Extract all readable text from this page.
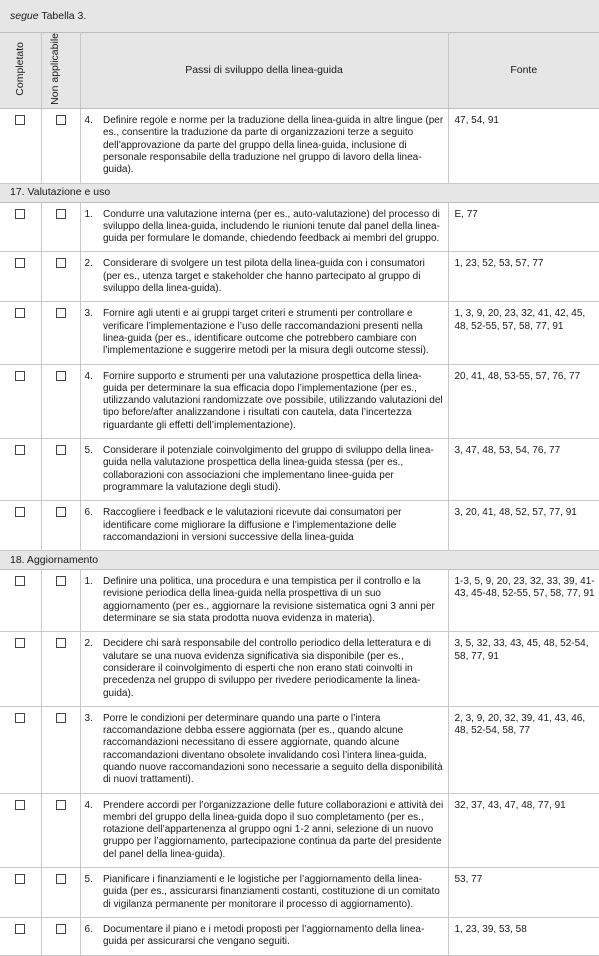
segue Tabella 3.				
Completato	Non applicabile	Passi di sviluppo della linea-guida		Fonte
		4.	Definire regole e norme per la traduzione della linea-guida in altre lingue (per es., consentire la traduzione da parte di organizzazioni terze a seguito dell’approvazione da parte del gruppo della linea-guida, inclusione di personale responsabile della traduzione nel gruppo di lavoro della linea-guida).	47, 54, 91
17. Valutazione e uso				
		1.	Condurre una valutazione interna (per es., auto-valutazione) del processo di sviluppo della linea-guida, includendo le riunioni tenute dal panel della linea-guida per formulare le domande, chiedendo feedback ai membri del gruppo.	E, 77
		2.	Considerare di svolgere un test pilota della linea-guida con i consumatori (per es., utenza target e stakeholder che hanno partecipato al gruppo di sviluppo della linea-guida).	1, 23, 52, 53, 57, 77
		3.	Fornire agli utenti e ai gruppi target criteri e strumenti per controllare e verificare l’implementazione e l’uso delle raccomandazioni presenti nella linea-guida (per es., identificare outcome che potrebbero cambiare con l’implementazione e suggerire metodi per la misura degli outcome stessi).	1, 3, 9, 20, 23, 32, 41, 42, 45, 48, 52-55, 57, 58, 77, 91
		4.	Fornire supporto e strumenti per una valutazione prospettica della linea-guida per determinare la sua efficacia dopo l’implementazione (per es., utilizzando valutazioni randomizzate ove possibile, utilizzando valutazioni del tipo before/after analizzandone i risultati con cautela, data l’incertezza riguardante gli effetti dell’implementazione).	20, 41, 48, 53-55, 57, 76, 77
		5.	Considerare il potenziale coinvolgimento del gruppo di sviluppo della linea-guida nella valutazione prospettica della linea-guida stessa (per es., collaborazioni con associazioni che implementano linee-guida per programmare la valutazione degli studi).	3, 47, 48, 53, 54, 76, 77
		6.	Raccogliere i feedback e le valutazioni ricevute dai consumatori per identificare come migliorare la diffusione e l’implementazione delle raccomandazioni in versioni successive della linea-guida	3, 20, 41, 48, 52, 57, 77, 91
18. Aggiornamento				
		1.	Definire una politica, una procedura e una tempistica per il controllo e la revisione periodica della linea-guida nella prospettiva di un suo aggiornamento (per es., aggiornare la revisione sistematica ogni 3 anni per determinare se sia stata prodotta nuova evidenza in materia).	1-3, 5, 9, 20, 23, 32, 33, 39, 41-43, 45-48, 52-55, 57, 58, 77, 91
		2.	Decidere chi sarà responsabile del controllo periodico della letteratura e di valutare se una nuova evidenza significativa sia disponibile (per es., considerare il coinvolgimento di esperti che non erano stati coinvolti in precedenza nel gruppo di sviluppo per rivedere periodicamente la linea-guida).	3, 5, 32, 33, 43, 45, 48, 52-54, 58, 77, 91
		3.	Porre le condizioni per determinare quando una parte o l’intera raccomandazione debba essere aggiornata (per es., quando alcune raccomandazioni necessitano di essere aggiornate, quando alcune raccomandazioni diventano obsolete invalidando così l’intera linea-guida, quando nuove raccomandazioni sono necessarie a seguito della disponibilità di nuovi trattamenti).	2, 3, 9, 20, 32, 39, 41, 43, 46, 48, 52-54, 58, 77
		4.	Prendere accordi per l’organizzazione delle future collaborazioni e attività dei membri del gruppo della linea-guida dopo il suo completamento (per es., rotazione dell’appartenenza al gruppo ogni 1-2 anni, selezione di un nuovo gruppo per l’aggiornamento, partecipazione continua da parte del presidente del panel della linea-guida).	32, 37, 43, 47, 48, 77, 91
		5.	Pianificare i finanziamenti e le logistiche per l’aggiornamento della linea-guida (per es., assicurarsi finanziamenti costanti, costituzione di un comitato di vigilanza permanente per monitorare il processo di aggiornamento).	53, 77
		6.	Documentare il piano e i metodi proposti per l’aggiornamento della linea-guida per assicurarsi che vengano seguiti.	1, 23, 39, 53, 58
